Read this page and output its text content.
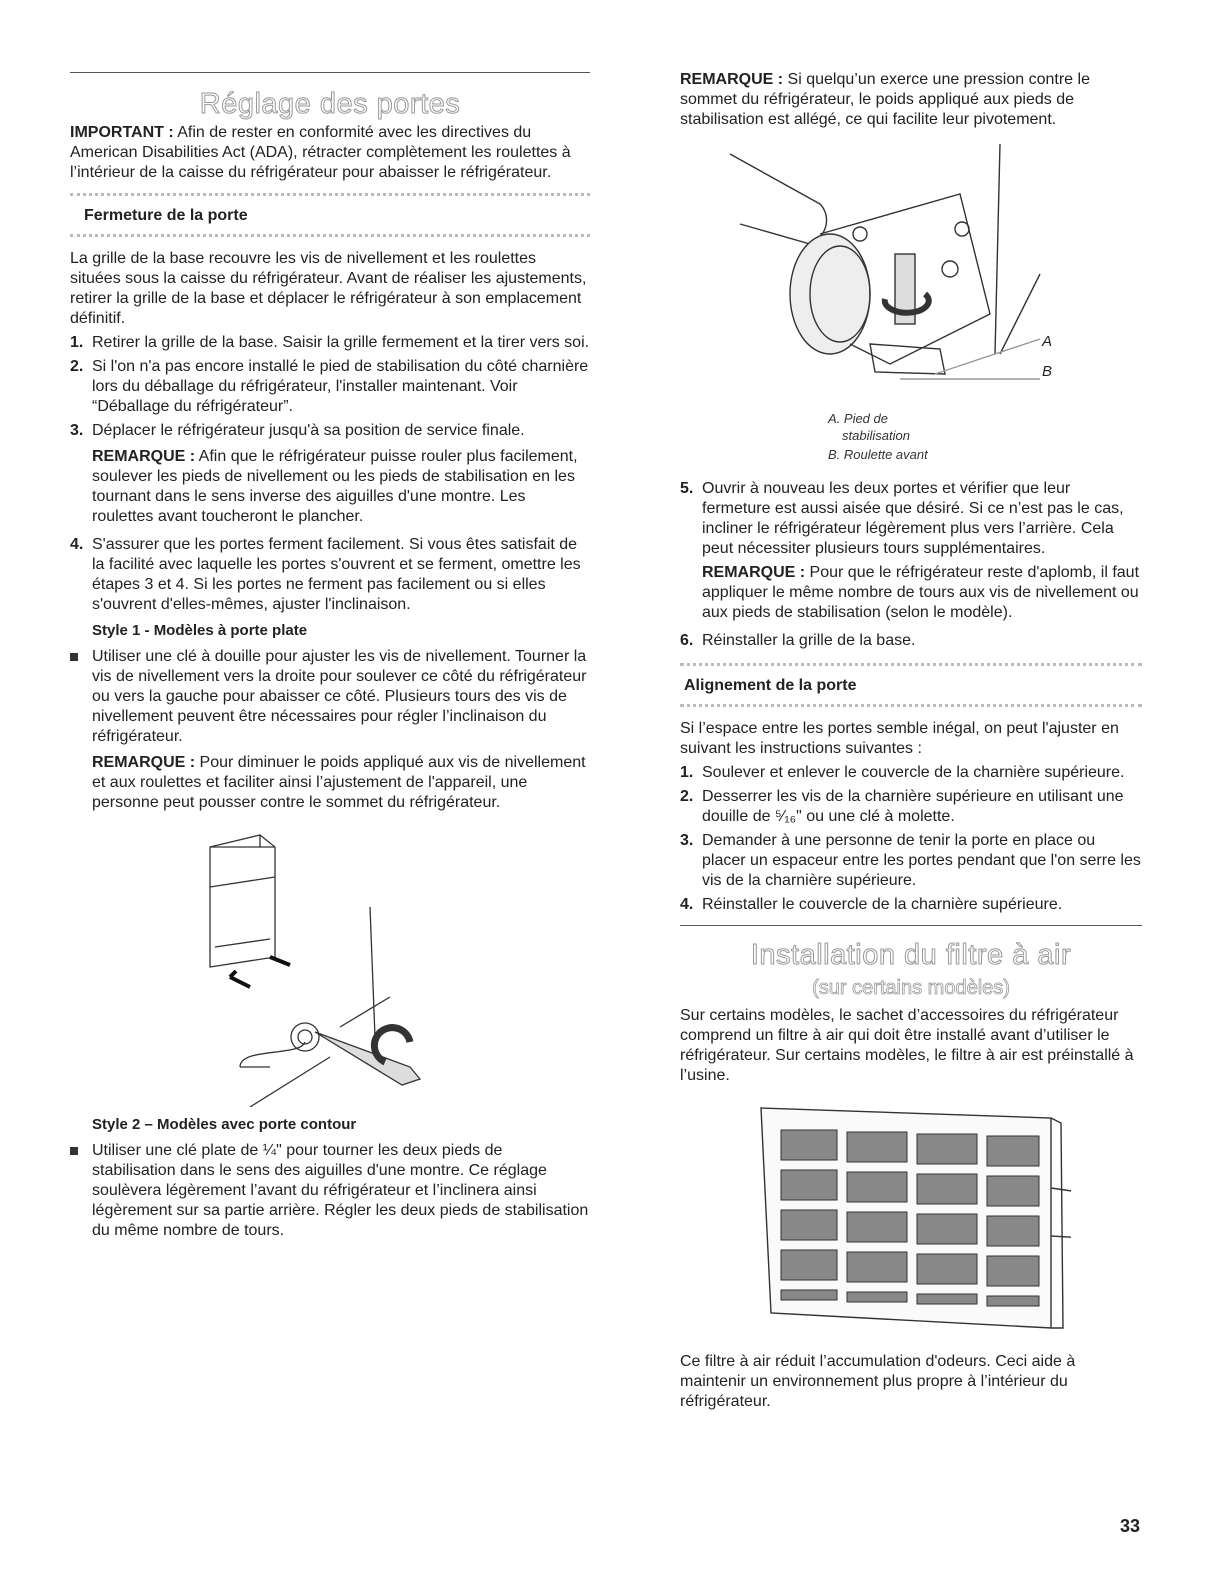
Réglage des portes

IMPORTANT : Afin de rester en conformité avec les directives du American Disabilities Act (ADA), rétracter complètement les roulettes à l’intérieur de la caisse du réfrigérateur pour abaisser le réfrigérateur.

Fermeture de la porte

La grille de la base recouvre les vis de nivellement et les roulettes situées sous la caisse du réfrigérateur. Avant de réaliser les ajustements, retirer la grille de la base et déplacer le réfrigérateur à son emplacement définitif.

1. Retirer la grille de la base. Saisir la grille fermement et la tirer vers soi.
2. Si l'on n'a pas encore installé le pied de stabilisation du côté charnière lors du déballage du réfrigérateur, l'installer maintenant. Voir “Déballage du réfrigérateur”.
3. Déplacer le réfrigérateur jusqu'à sa position de service finale.

REMARQUE : Afin que le réfrigérateur puisse rouler plus facilement, soulever les pieds de nivellement ou les pieds de stabilisation en les tournant dans le sens inverse des aiguilles d'une montre. Les roulettes avant toucheront le plancher.

4. S'assurer que les portes ferment facilement. Si vous êtes satisfait de la facilité avec laquelle les portes s'ouvrent et se ferment, omettre les étapes 3 et 4. Si les portes ne ferment pas facilement ou si elles s'ouvrent d'elles-mêmes, ajuster l'inclinaison.
Style 1 - Modèles à porte plate
Utiliser une clé à douille pour ajuster les vis de nivellement. Tourner la vis de nivellement vers la droite pour soulever ce côté du réfrigérateur ou vers la gauche pour abaisser ce côté. Plusieurs tours des vis de nivellement peuvent être nécessaires pour régler l’inclinaison du réfrigérateur.

REMARQUE : Pour diminuer le poids appliqué aux vis de nivellement et aux roulettes et faciliter ainsi l’ajustement de l'appareil, une personne peut pousser contre le sommet du réfrigérateur.

Style 2 – Modèles avec porte contour
Utiliser une clé plate de ¼" pour tourner les deux pieds de stabilisation dans le sens des aiguilles d'une montre. Ce réglage soulèvera légèrement l’avant du réfrigérateur et l’inclinera ainsi légèrement sur sa partie arrière. Régler les deux pieds de stabilisation du même nombre de tours.

REMARQUE : Si quelqu’un exerce une pression contre le sommet du réfrigérateur, le poids appliqué aux pieds de stabilisation est allégé, ce qui facilite leur pivotement.

A
B
A. Pied de
stabilisation
B. Roulette avant
5. Ouvrir à nouveau les deux portes et vérifier que leur fermeture est aussi aisée que désiré. Si ce n’est pas le cas, incliner le réfrigérateur légèrement plus vers l’arrière. Cela peut nécessiter plusieurs tours supplémentaires.

REMARQUE : Pour que le réfrigérateur reste d'aplomb, il faut appliquer le même nombre de tours aux vis de nivellement ou aux pieds de stabilisation (selon le modèle).

6. Réinstaller la grille de la base.
Alignement de la porte

Si l’espace entre les portes semble inégal, on peut l'ajuster en suivant les instructions suivantes :

1. Soulever et enlever le couvercle de la charnière supérieure.
2. Desserrer les vis de la charnière supérieure en utilisant une douille de ⁵⁄₁₆" ou une clé à molette.
3. Demander à une personne de tenir la porte en place ou placer un espaceur entre les portes pendant que l'on serre les vis de la charnière supérieure.
4. Réinstaller le couvercle de la charnière supérieure.
Installation du filtre à air
(sur certains modèles)

Sur certains modèles, le sachet d’accessoires du réfrigérateur comprend un filtre à air qui doit être installé avant d’utiliser le réfrigérateur. Sur certains modèles, le filtre à air est préinstallé à l’usine.

Ce filtre à air réduit l’accumulation d'odeurs. Ceci aide à maintenir un environnement plus propre à l’intérieur du réfrigérateur.

33
